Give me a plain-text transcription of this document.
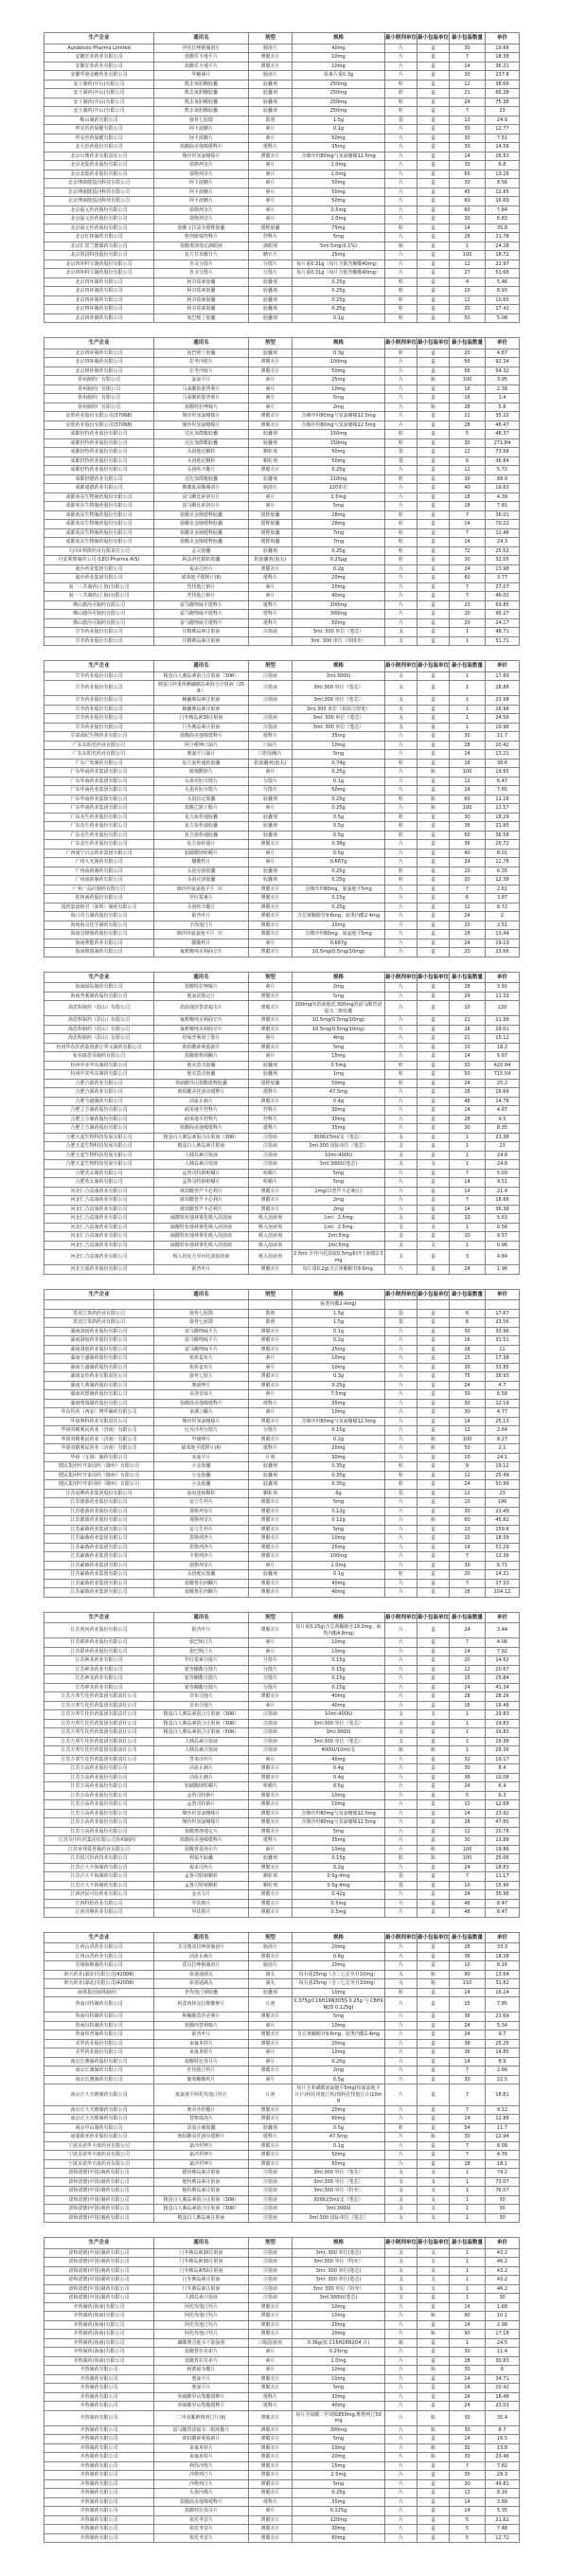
生产企业	通用名	剂型	规格	最小制剂单位	最小包装单位	最小包装数量	单价
Aurobindo Pharma Limited	泮托拉唑钠肠溶片	肠溶片	40mg	片	盒	30	19.66
安徽宏业药业有限公司	盐酸乐卡地平片	薄膜衣片	10mg	片	盒	7	18.38
安徽宏业药业有限公司	盐酸乐卡地平片	薄膜衣片	10mg	片	盒	14	36.21
安徽华润金蟾药业有限公司	华蟾素片	肠溶片	每素片重0.3g	片	盒	30	237.8
安士制药(中山)有限公司	熊去氧胆酸胶囊	胶囊剂	250mg	粒	盒	12	38.66
安士制药(中山)有限公司	熊去氧胆酸胶囊	胶囊剂	250mg	粒	盒	21	66.28
安士制药(中山)有限公司	熊去氧胆酸胶囊	胶囊剂	250mg	粒	盒	24	75.38
安士制药(中山)有限公司	熊去氧胆酸胶囊	胶囊剂	250mg	粒	盒	7	23
鞍山制药有限公司	接骨七厘散	散剂	1.5g	袋	盒	10	24.9
拜耳医药保健有限公司	阿卡波糖片	素片	0.1g	片	盒	30	12.77
拜耳医药保健有限公司	阿卡波糖片	素片	50mg	片	盒	30	7.51
北大医药股份有限公司	盐酸曲美他嗪缓释片	缓释片	35mg	片	盒	30	14.56
北京百奥药业有限责任公司	缬沙坦氢氯噻嗪片	薄膜衣片	含缬沙坦80mg与氢氯噻嗪12.5mg	片	盒	14	28.83
北京北陆药业股份有限公司	瑞格列奈片	素片	1.0mg	片	盒	30	6.8
北京北陆药业股份有限公司	瑞格列奈片	素片	1.0mg	片	盒	60	13.26
北京博康健基因科技有限公司	阿卡波糖片	素片	50mg	片	盒	30	8.56
北京博康健基因科技有限公司	阿卡波糖片	素片	50mg	片	盒	45	12.65
北京博康健基因科技有限公司	阿卡波糖片	素片	50mg	片	盒	60	16.69
北京福元医药股份有限公司	瑞格列奈片	素片	0.5mg	片	盒	60	7.84
北京福元医药股份有限公司	瑞格列奈片	素片	1.0mg	片	盒	30	6.83
北京福元医药股份有限公司	盐酸文拉法辛缓释胶囊	缓释胶囊	75mg	粒	盒	14	35.8
北京红林制药有限公司	格列吡嗪控释片	控释片	5mg	片	盒	28	21.78
北京汇恩兰德制药有限公司	盐酸奥洛他定滴眼液	滴眼剂	5ml:5mg(0.1%)	瓶	盒	1	24.28
北京凯因科技股份有限公司	复方甘草酸苷片	糖衣片	25mg	片	盒	100	18.72
北京四环科宝制药股份有限公司	杏灵分散片	分散片	每片重0.31g（每片含银杏酮酯40mg）	片	盒	12	22.97
北京四环科宝制药股份有限公司	杏灵分散片	分散片	每片重0.31g（每片含银杏酮酯40mg）	片	盒	27	51.68
北京四环制药有限公司	阿奇霉素胶囊	胶囊剂	0.25g	粒	盒	4	5.46
北京四环制药有限公司	阿奇霉素胶囊	胶囊剂	0.25g	粒	盒	10	8.93
北京四环制药有限公司	阿奇霉素胶囊	胶囊剂	0.25g	粒	盒	12	10.65
北京四环制药有限公司	阿奇霉素胶囊	胶囊剂	0.25g	粒	盒	20	17.42
北京四环制药有限公司	加巴喷丁胶囊	胶囊剂	0.1g	粒	盒	50	5.08
生产企业	通用名	剂型	规格	最小制剂单位	最小包装单位	最小包装数量	单价
北京四环制药有限公司	加巴喷丁胶囊	胶囊剂	0.3g	粒	盒	20	4.87
北京四环制药有限公司	拉考沙胺片	薄膜衣片	100mg	片	盒	56	92.34
北京四环制药有限公司	拉考沙胺片	薄膜衣片	50mg	片	盒	56	54.32
常州制药厂有限公司	氯氮平片	素片	25mg	片	瓶	100	3.95
常州制药厂有限公司	马来酸依那普利片	素片	10mg	片	盒	16	2.38
常州制药厂有限公司	马来酸依那普利片	素片	5mg	片	盒	16	1.4
常州制药厂有限公司	盐酸特拉唑嗪片	素片	2mg	片	瓶	28	5.8
辰欣药业股份有限公司(37068)	缬沙坦氢氯噻嗪片	薄膜衣片	含缬沙坦80mg与氢氯噻嗪12.5mg	片	盒	21	35.22
辰欣药业股份有限公司(37068)	缬沙坦氢氯噻嗪片	薄膜衣片	含缬沙坦80mg与氢氯噻嗪12.5mg	片	盒	28	46.47
成都倍特药业股份有限公司	达比加群酯胶囊	胶囊剂	150mg	粒	盒	5	48.37
成都倍特药业股份有限公司	达比加群酯胶囊	胶囊剂	150mg	粒	盒	30	271.84
成都倍特药业股份有限公司	头孢地尼颗粒	颗粒剂	50mg	袋	盒	12	73.68
成都倍特药业股份有限公司	头孢地尼颗粒	颗粒剂	50mg	袋	盒	6	36.84
成都倍特药业股份有限公司	头孢呋辛酯片	薄膜衣片	0.25g	片	盒	12	5.72
成都倍德药业有限公司	达比加群酯胶囊	胶囊剂	110mg	粒	盒	30	88.9
成都通德药业有限公司	胰激肽原酶肠溶片	肠溶片	120单位	片	盒	40	19.63
成都苑东生物制药股份有限公司	富马酸比索洛尔片	素片	2.5mg	片	盒	18	4.39
成都苑东生物制药股份有限公司	富马酸比索洛尔片	素片	5mg	片	盒	18	7.81
成都苑东生物制药股份有限公司	盐酸美金刚缓释胶囊	缓释胶囊	28mg	粒	盒	7	36.01
成都苑东生物制药股份有限公司	盐酸美金刚缓释胶囊	缓释胶囊	28mg	粒	盒	14	70.22
成都苑东生物制药股份有限公司	盐酸美金刚缓释胶囊	缓释胶囊	7mg	粒	盒	7	12.46
成都苑东生物制药股份有限公司	盐酸美金刚缓释胶囊	缓释胶囊	7mg	粒	盒	14	24.3
大同市利群药业有限责任公司	孟灵胶囊	胶囊剂	0.25g	粒	盒	72	25.52
丹麦利奥制药公司 (LEO Pharma A/S)	阿法骨化醇软胶囊	软胶囊剂(胶丸)	0.25μg	粒	盒	30	32.05
迪沙药业集团有限公司	福多司坦片	薄膜衣片	0.2g	片	盒	24	13.98
迪沙药业集团有限公司	硝苯地平缓释片(II)	缓释片	20mg	片	盒	60	3.77
第一三共制药(上海)有限公司	普伐他汀钠片	素片	20mg	片	盒	7	27.07
第一三共制药(上海)有限公司	普伐他汀钠片	素片	40mg	片	盒	7	46.02
佛山德芮可制药有限公司	富马酸喹硫平缓释片	缓释片	200mg	片	盒	20	69.85
佛山德芮可制药有限公司	富马酸喹硫平缓释片	缓释片	300mg	片	盒	20	95.27
佛山德芮可制药有限公司	富马酸喹硫平缓释片	缓释片	50mg	片	盒	20	24.17
甘李药业股份有限公司	甘精胰岛素注射液	注射液	3ml: 300 单位（笔芯）	支	盒	1	48.71
甘李药业股份有限公司	甘精胰岛素注射液		3ml: 300 单位（预填充）	支	盒	1	51.71
生产企业	通用名	剂型	规格	最小制剂单位	最小包装单位	最小包装数量	单价
甘李药业股份有限公司	精蛋白人胰岛素混合注射液（30R）	注射液	3ml:300IU	支	盒	1	17.89
甘李药业股份有限公司	精蛋白锌重组赖脯胰岛素混合注射液（25R）	注射液	3ml:300 单位（笔芯）	支	盒	1	28.88
甘李药业股份有限公司	赖脯胰岛素注射液	注射液	3ml:300 单位（笔芯）	支	盒	1	23.98
甘李药业股份有限公司	赖脯胰岛素注射液		3ml:300 单位（预装注射笔）	支	盒	1	26.98
甘李药业股份有限公司	门冬胰岛素30注射液	注射液	3ml: 300 单位（笔芯）	支	盒	1	24.56
甘李药业股份有限公司	门冬胰岛素注射液	注射液	3ml: 300 单位（笔芯）	支	盒	1	19.98
甘肃成纪生物药业有限公司	盐酸曲美他嗪缓释片	缓释片	35mg	片	盒	30	11.7
广东东阳光药业有限公司	阿立哌唑口崩片	口崩片	10mg	片	盒	28	20.42
广东东阳光药业有限公司	奥氮平口崩片	口腔崩解片	5mg	片	盒	14	13.21
广东广发制药有限公司	复方血栓通软胶囊	软胶囊剂(胶丸)	0.74g	粒	盒	18	36.6
广东华南药业集团有限公司	吡嗪酰胺片	素片	0.25g	片	瓶	100	19.65
广东华南药业集团有限公司	头孢克肟分散片	分散片	0.1g	片	盒	12	6.47
广东华南药业集团有限公司	头孢克肟分散片	分散片	50mg	片	盒	24	7.65
广东华南药业集团有限公司	头孢拉定胶囊	胶囊剂	0.25g	粒	瓶	60	11.16
广东华南药业集团有限公司	盐酸乙胺丁醇片	素片	0.25g	片	瓶	100	11.57
广东众生药业股份有限公司	复方血栓通胶囊	胶囊剂	0.5g	粒	盒	30	18.29
广东众生药业股份有限公司	复方血栓通胶囊	胶囊剂	0.5g	粒	盒	36	21.95
广东众生药业股份有限公司	复方血栓通胶囊	胶囊剂	0.5g	粒	盒	60	36.58
广东众生药业股份有限公司	复方血栓通片	薄膜衣片	0.38g	片	盒	36	26.72
广西南宁百会药业集团有限公司	铝碳酸镁咀嚼片	素片	0.5g	片	盒	40	8.01
广州大光制药有限公司	醋酸钙片	素片	0.667g	片	盒	24	12.78
广州南新制药有限公司	头孢克洛胶囊	胶囊剂	0.25g	粒	盒	10	6.35
广州南新制药有限公司	头孢克洛胶囊	胶囊剂	0.25g	粒	盒	20	12.38
广州一品红制药有限公司	缬沙坦氨氯地平片（I）	薄膜衣片	含缬沙坦80mg、氨氯地平5mg	片	盒	7	2.61
桂林南药股份有限公司	罗红霉素片	薄膜衣片	0.15g	片	盒	6	3.87
国药集团致君（深圳）制药有限公司	头孢呋辛酯片	薄膜衣片	0.25g	片	盒	12	6.72
海口奇力制药股份有限公司	银杏叶片	薄膜衣片	含总黄酮醇苷9.6mg、萜类内酯2.4mg	片	盒	24	2
海南海灵化学制药有限公司	辛伐他汀片	薄膜衣片	20mg	片	盒	20	2.51
海南皇隆制药股份有限公司	缬沙坦氨氯地平片（I）	薄膜衣片	含缬沙坦80mg、氨氯地平5mg	片	盒	28	13.44
海南赛能药业有限公司	醋酸钙片	素片	0.667g	片	盒	24	19.19
海南锦瑞制药有限公司	氟哌噻吨美利曲辛片	薄膜衣片	10.5mg(0.5mg/10mg)	片	盒	20	23.66
生产企业	通用名	剂型	规格	最小制剂单位	最小包装单位	最小包装数量	单价
海南绿岛制药有限公司	盐酸特拉唑嗪片	素片	2mg	片	盒	28	3.91
海南普利制药股份有限公司	地氯雷他定片	薄膜衣片	5mg	片	盒	24	11.33
海思科制药（眉山）有限公司	恩曲他滨替诺福韦片	薄膜衣片	200mg的恩曲他滨,300mg的富马酸替诺福韦二吡呋酯	片	盒	10	220
海思科制药（眉山）有限公司	氟哌噻吨美利曲辛片	薄膜衣片	10.5mg(0.5mg/10mg)	片	盒	21	21.99
海思科制药（眉山）有限公司	氟哌噻吨美利曲辛片	薄膜衣片	10.5mg(0.5mg/10mg)	片	盒	28	29.01
海思科制药（眉山）有限公司	培哚普利叔丁胺片	素片	4mg	片	盒	21	15.12
杭州华东医药集团浙江华义制药有限公司	琥珀酸索利那新片	薄膜衣片	5mg	片	盒	10	18.2
杭州康恩贝制药有限公司	盐酸吡格列酮片	素片	15mg	片	盒	14	5.67
杭州中美华东制药有限公司	他克莫司胶囊	胶囊剂	0.5mg	粒	盒	50	420.94
杭州中美华东制药有限公司	他克莫司胶囊	胶囊剂	1mg	粒	盒	50	715.59
合肥合源药业有限公司	单硝酸异山梨酯缓释胶囊	缓释胶囊	50mg	粒	盒	24	25.2
合肥合源药业有限公司	琥珀酸美托洛尔缓释片	缓释片	47.5mg	片	盒	28	16.66
合肥今越制药有限公司	活血止痛片	薄膜衣片	0.4g	片	盒	48	14.76
合肥立方制药股份有限公司	硝苯地平控释片	控释片	30mg	片	盒	14	4.87
合肥立方制药股份有限公司	硝苯地平控释片	控释片	30mg	片	盒	28	9.5
合肥立方制药股份有限公司	盐酸曲美他嗪缓释片	缓释片	35mg	片	盒	30	8.35
合肥天麦生物科技发展有限公司	精蛋白人胰岛素混合注射液（30R）	注射液	300IU/3ml/支（笔芯）	支	盒	1	23.38
合肥天麦生物科技发展有限公司	精蛋白人胰岛素注射液	注射液	3ml:300 国际单位（笔芯）	支	盒	1	23
合肥天麦生物科技发展有限公司	人胰岛素注射液	注射液	10ml:400IU	支	盒	1	24.8
合肥天麦生物科技发展有限公司	人胰岛素注射液	注射液	3ml:300IU(笔芯)	支	支	1	24.8
合肥英太制药有限公司	孟鲁司特钠咀嚼片	咀嚼片	5mg	片	盒	7	5.03
合肥英太制药有限公司	孟鲁司特钠咀嚼片	咀嚼片	5mg	片	盒	14	9.51
河北仁合益康药业有限公司	琥珀酸普芦卡必利片	薄膜衣片	1mg(以普芦卡必利计)	片	盒	14	21.4
河北仁合益康药业有限公司	琥珀酸普芦卡必利片	薄膜衣片	2mg	片	盒	7	18.66
河北仁合益康药业有限公司	琥珀酸普芦卡必利片	薄膜衣片	2mg	片	盒	14	36.38
河北仁合益康药业有限公司	硫酸特布他林雾化吸入用溶液	吸入溶液剂	1ml：2.5mg	支	盒	10	5.63
河北仁合益康药业有限公司	硫酸特布他林雾化吸入用溶液	吸入溶液剂	1ml：2.5mg	支	支	1	0.56
河北仁合益康药业有限公司	硫酸特布他林雾化吸入用溶液	吸入溶液剂	2ml:5mg	支	盒	10	9.57
河北仁合益康药业有限公司	硫酸特布他林雾化吸入用溶液	吸入溶液剂	2ml:5mg	支	支	1	0.96
河北仁合益康药业有限公司	吸入用复方异丙托溴铵溶液	吸入溶液剂	2.5ml:含异丙托溴铵0.5mg和沙丁胺醇2.5mg	支	盒	3	4.84
河北天成药业股份有限公司	银杏叶片	薄膜衣片	每片重0.2g(含总黄酮醇苷9.6mg.	片	盒	24	1.96
生产企业	通用名	剂型	规格	最小制剂单位	最小包装单位	最小包装数量	单价
			萜类内酯2.4mg)				
黑龙江参鸽药业有限公司	接骨七厘散	散剂	1.5g	袋	盒	6	17.67
黑龙江参鸽药业有限公司	接骨七厘散	散剂	1.5g	袋	盒	8	23.56
湖南洞庭药业股份有限公司	富马酸喹硫平片	薄膜衣片	0.1g	片	盒	30	33.96
湖南洞庭药业股份有限公司	富马酸喹硫平片	薄膜衣片	0.2g	片	盒	16	31.51
湖南洞庭药业股份有限公司	富马酸喹硫平片	薄膜衣片	25mg	片	盒	28	11
湖南方盛制药股份有限公司	依折麦布片	素片	10mg	片	盒	15	17.38
湖南方盛制药股份有限公司	依折麦布片	素片	10mg	片	盒	30	33.85
湖南金沙药业有限责任公司	接骨七厘片	薄膜衣片	0.3g	片	盒	75	38.93
湖南九典制药股份有限公司	奥硝唑片	薄膜衣片	0.25g	片	盒	24	4.7
湖南同德制药股份有限公司	美洛昔康片	素片	7.5mg	片	盒	30	6.58
湖南明瑞制药股份有限公司	盐酸曲美他嗪缓释片	缓释片	35mg	片	盒	30	12.19
华东医药（西安）博华制药有限公司	多潘立酮片	素片	10mg	片	盒	30	4.77
华润赛科药业有限责任公司	缬沙坦氢氯噻嗪片	薄膜衣片	含缬沙坦80mg与氢氯噻嗪12.5mg	片	盒	14	25.13
华润双鹤利民药业（济南）有限公司	厄贝沙坦分散片	分散片	0.15g	片	盒	12	2.64
华润双鹤利民药业（济南）有限公司	甲硝唑片	薄膜衣片	0.2g	片	瓶	100	8.27
华润双鹤利民药业（济南）有限公司	硝苯地平缓释片(II)	缓释片	20mg	片	瓶	50	2.1
华裕（无锡）制药有限公司	米氮平片	片剂	30mg	片	盒	10	24.1
健民集团叶开泰国药（随州）有限公司	小金胶囊	胶囊剂	0.35g	粒	盒	9	19.12
健民集团叶开泰国药（随州）有限公司	小金胶囊	胶囊剂	0.35g	粒	盒	12	25.49
健民集团叶开泰国药（随州）有限公司	小金胶囊	胶囊剂	0.35g	粒	盒	24	50.99
江苏晨牌药业集团股份有限公司	血府逐瘀颗粒	颗粒剂	6g	袋	盒	12	23
江苏德源药业股份有限公司	安立生坦片	薄膜衣片	5mg	片	盒	10	196
江苏德源药业股份有限公司	那格列奈片	薄膜衣片	0.12g	片	盒	30	23.49
江苏德源药业股份有限公司	那格列奈片	薄膜衣片	0.12g	片	瓶	60	45.82
江苏豪森药业集团有限公司	安立生坦片	薄膜衣片	5mg	片	盒	10	159.6
江苏豪森药业集团有限公司	恩格列净片	薄膜衣片	10mg	片	盒	10	18.39
江苏豪森药业集团有限公司	恩格列净片	薄膜衣片	25mg	片	盒	14	51.29
江苏豪森药业集团有限公司	卡格列净片	薄膜衣片	100mg	片	盒	7	12.36
江苏豪森药业集团有限公司	瑞格列奈片	素片	1.0mg	片	盒	30	6.71
江苏豪森药业集团有限公司	头孢地尼胶囊	胶囊剂	0.1g	粒	盒	20	14.31
江苏豪森药业集团有限公司	盐酸鲁拉西酮片	薄膜衣片	40mg	片	盒	7	27.33
江苏豪森药业集团有限公司	盐酸鲁拉西酮片	薄膜衣片	40mg	片	盒	28	104.12
生产企业	通用名	剂型	规格	最小制剂单位	最小包装单位	最小包装数量	单价
江苏黄河药业股份有限公司	银杏叶片	薄膜衣片	每片重0.25g(含总黄酮醇苷19.2mg、萜类内酯4.8mg)	片	盒	24	3.44
江苏联环药业股份有限公司	依巴斯汀片	素片	10mg	片	盒	7	4.06
江苏联环药业股份有限公司	依巴斯汀片	素片	10mg	片	盒	14	7.92
江苏神龙药业有限公司	罗红霉素分散片	分散片	0.15g	片	盒	20	14.62
江苏神龙药业有限公司	银杏酮酯分散片	分散片	0.15g	片	盒	12	20.67
江苏神龙药业有限公司	银杏酮酯分散片	分散片	0.15g	片	盒	15	25.84
江苏神龙药业有限公司	银杏酮酯分散片	分散片	0.15g	片	盒	24	41.34
江苏万邦生化医药集团有限责任公司	非布司他片	薄膜衣片	40mg	片	盒	28	28.26
江苏万邦生化医药集团有限责任公司	非布司他片	素片	40mg	片	盒	16	16.48
江苏万邦生化医药集团有限责任公司	精蛋白人胰岛素混合注射液（30R）	注射液	10ml:400IU	支	支	1	29.83
江苏万邦生化医药集团有限责任公司	精蛋白人胰岛素混合注射液（30R）	注射液	3ml:300 单位（笔芯）	支	盒	1	29.83
江苏万邦生化医药集团有限责任公司	精蛋白人胰岛素混合注射液（50R）	注射液	3ml:300IU	支	盒	1	29.83
江苏万邦生化医药集团有限责任公司	人胰岛素注射液	注射液	3ml:300 单位（笔芯）	支	盒	1	29.38
江苏万邦生化医药集团有限责任公司	人胰岛素注射液	注射液	400IU/10ml/支	瓶	瓶	1	29.36
江苏万邦生化医药集团有限责任公司	替米沙坦片	素片	40mg	片	盒	32	19.17
江苏万高药业股份有限公司	活血止痛片	薄膜衣片	0.4g	片	盒	30	8.4
江苏万高药业股份有限公司	活血止痛片	薄膜衣片	0.4g	片	盒	36	10.08
江苏万高药业股份有限公司	铝碳酸镁咀嚼片	咀嚼片	0.5g	片	盒	24	6.4
江苏万高药业股份有限公司	孟鲁司特钠片	薄膜衣片	10mg	片	盒	5	6.3
江苏万高药业股份有限公司	孟鲁司特钠片	薄膜衣片	10mg	片	盒	10	12.68
江苏万高药业股份有限公司	缬沙坦氢氯噻嗪片	薄膜衣片	含缬沙坦80mg与氢氯噻嗪12.5mg	片	盒	14	23.92
江苏万高药业股份有限公司	缬沙坦氢氯噻嗪片	薄膜衣片	含缬沙坦80mg与氢氯噻嗪12.5mg	片	盒	28	47.85
江苏万高药业股份有限公司	盐酸奥洛他定片	薄膜衣片	5mg	片	盒	12	20.78
江苏吴中医药集团有限公司苏州制药厂	盐酸曲美他嗪缓释片	缓释片	35mg	片	盒	30	13.88
江苏亚邦爱普森药业有限公司	盐酸普萘洛尔片	素片	10mg	片	瓶	100	19.86
江苏悦兴医药技术有限公司	利福平胶囊	胶囊剂	0.15g	粒	瓶	100	25.66
江苏正大丰海制药有限公司	福多司坦片	薄膜衣片	0.2g	片	盒	24	18.83
江苏正大丰海制药有限公司	孟鲁司特钠颗粒	颗粒剂	0.5g:4mg	袋	盒	7	11.17
江苏正大丰海制药有限公司	孟鲁司特钠颗粒	颗粒剂	0.5g:4mg	袋	盒	10	15.96
江西济民可信药业有限公司	金水宝片	薄膜衣片	0.42g	片	盒	24	35.98
江西科伦药业有限公司	甲钴胺片	薄膜衣片	0.5mg	片	盒	48	8.47
江西青峰药业有限公司	甲钴胺片	薄膜衣片	0.5mg	片	盒	48	8.47
生产企业	通用名	剂型	规格	最小制剂单位	最小包装单位	最小包装数量	单价
江西山香药业有限公司	艾司奥美拉唑镁肠溶片	肠溶片	20mg	片	盒	28	33.3
江西山香药业有限公司	活血止痛片	薄膜衣片	0.6g	片	盒	36	18.38
晋城海斯制药有限公司	雷贝拉唑钠肠溶片	肠溶片	20mg	片	盒	10	8.16
朗天药业(湖北)有限公司(42008)	血塞通滴丸	滴丸	每丸重25mg（含三七总皂苷10mg）	丸	瓶	90	13.64
朗天药业(湖北)有限公司(42008)	血塞通滴丸	滴丸	每丸重25mg（含三七总皂苷10mg）	丸	瓶	210	31.82
丽珠集团丽珠制药厂	普伐他汀钠胶囊	胶囊剂	10mg	粒	盒	14	16.24
鲁南贝特制药有限公司	阿莫西林克拉维酸钾片	片剂	0.375g(C16H19N3O5S 0.25g 与 C8H9NO5 0.125g)	片	盒	15	7.85
鲁南贝特制药有限公司	枸橼酸莫沙必利片	薄膜衣片	5mg	片	盒	36	21.69
鲁南贝特制药有限公司	盐酸西替利嗪片	素片	10mg	片	盒	24	5.34
鲁南厚普制药有限公司	银杏叶片	薄膜衣片	含总黄酮醇苷9.6mg、萜类内酯2.4mg	片	盒	24	9.7
美罗药业股份有限公司	来氟米特片	薄膜衣片	20mg	片	盒	36	25.25
美罗药业股份有限公司	来氟米特片	素片	10mg	片	盒	36	14.85
南京长澳制药股份有限公司	盐酸特比萘芬片	素片	0.25g	片	盒	14	8.9
南京长澳制药有限公司	匹伐他汀钙片	薄膜衣片	2mg	片	盒	7	2.66
南京长澳制药有限公司	葡萄糖酸钙片	素片	0.5g	片	盒	30	22.5
南京正大天晴制药有限公司	氨氯地平阿托伐他汀钙片	片剂	每片含苯磺酸氨氯地平5mg(按氨氯地平计)与阿托伐他汀钙(按阿托伐他汀计)10mg	片	盒	7	18.81
南京正大天晴制药有限公司	奥美沙坦酯片	薄膜衣片	20mg	片	盒	7	9.12
南京正大天晴制药有限公司	替格瑞洛片	薄膜衣片	60mg	片	盒	14	12.88
南京中山制药有限公司	活血止痛胶囊	胶囊剂	0.5g	粒	盒	54	11.7
南通联亚药业股份有限公司	琥珀酸美托洛尔缓释片	缓释片	47.5mg	片	瓶	30	12.94
宁波美诺华天康药业有限公司	氯沙坦钾片	薄膜衣片	0.1g	片	盒	7	8.09
宁波美诺华天康药业有限公司	氯沙坦钾片	薄膜衣片	50mg	片	盒	7	4.76
宁波美诺华天康药业有限公司	氯沙坦钾片	薄膜衣片	50mg	片	盒	28	18.1
诺和诺德(中国)制药有限公司	德谷胰岛素注射液	注射液	3ml:300 单位（笔芯）	支	支	1	79.2
诺和诺德(中国)制药有限公司	地特胰岛素注射液	注射液	3ml:300 单位（笔芯）	支	支	1	73.07
诺和诺德(中国)制药有限公司	地特胰岛素注射液	注射液	3ml:300 单位（特充）	支	支	1	76.07
诺和诺德(中国)制药有限公司	精蛋白人胰岛素混合注射液（30R）	注射液	300IU/3ml/支（笔芯）	支	支	1	30
诺和诺德(中国)制药有限公司	精蛋白人胰岛素混合注射液（30R）	注射液	3ml:300IU	支	支	1	30
诺和诺德(中国)制药有限公司	精蛋白人胰岛素注射液	注射液	3ml:300 国际单位（笔芯）	支	支	1	30
生产企业	通用名	剂型	规格	最小制剂单位	最小包装单位	最小包装数量	单价
诺和诺德(中国)制药有限公司	门冬胰岛素30注射液	注射液	3ml: 300 单位(笔芯)	支	支	1	43.2
诺和诺德(中国)制药有限公司	门冬胰岛素30注射液	注射液	3ml:300 单位（特充）	支	支	1	46.2
诺和诺德(中国)制药有限公司	门冬胰岛素50注射液	注射液	3ml: 300 单位(笔芯)	支	支	1	43.2
诺和诺德(中国)制药有限公司	门冬胰岛素注射液	注射液	3ml: 300 单位(笔芯)	支	支	1	43.2
诺和诺德(中国)制药有限公司	门冬胰岛素注射液	注射液	3ml: 300 单位（特充）	支	支	1	46.2
诺和诺德(中国)制药有限公司	人胰岛素注射液	注射液	3ml:300IU(笔芯)	支	盒	1	30
齐鲁制药(海南)有限公司	阿托伐他汀钙片	薄膜衣片	10mg	片	盒	14	1.68
齐鲁制药(海南)有限公司	阿托伐他汀钙片	薄膜衣片	10mg	片	瓶	90	10.1
齐鲁制药(海南)有限公司	阿托伐他汀钙片	薄膜衣片	20mg	片	盒	14	2.98
齐鲁制药(海南)有限公司	阿托伐他汀钙片	薄膜衣片	20mg	片	瓶	90	17.18
齐鲁制药(海南)有限公司	磷酸奥司他韦干混悬剂	口服混悬剂	0.36g(按 C16H28N2O4 计)	瓶	盒	1	24.5
齐鲁制药(海南)有限公司	盐酸普拉克索片	素片	0.25mg	片	盒	30	11.4
齐鲁制药(海南)有限公司	盐酸普拉克索片	素片	1.0mg	片	盒	28	30.83
齐鲁制药有限公司	阿德福韦酯片	素片	10mg	片	瓶	30	6
齐鲁制药有限公司	奥氮平片	薄膜衣片	10mg	片	盒	14	34.71
齐鲁制药有限公司	奥氮平片	薄膜衣片	5mg	片	盒	14	20.42
齐鲁制药有限公司	单硝酸异山梨酯缓释片	缓释片	30mg	片	盒	24	18.48
齐鲁制药有限公司	单硝酸异山梨酯缓释片	缓释片	40mg	片	盒	24	23.03
齐鲁制药有限公司	二甲双胍维格列汀片(II)	薄膜衣片	每片含盐酸二甲双胍850mg,维格列汀50mg	片	瓶	30	35.4
齐鲁制药有限公司	富马酸替诺福韦二吡呋酯片	薄膜衣片	300mg	片	瓶	30	8.7
齐鲁制药有限公司	琥珀酸索利那新片	薄膜衣片	5mg	片	盒	14	16.5
齐鲁制药有限公司	来氟米特片	薄膜衣片	10mg	片	瓶	30	13.8
齐鲁制药有限公司	来氟米特片	薄膜衣片	20mg	片	瓶	30	23.46
齐鲁制药有限公司	利伐沙班片	薄膜衣片	15mg	片	盒	7	7.82
齐鲁制药有限公司	沙格列汀片	薄膜衣片	2.5mg	片	盒	30	29.3
齐鲁制药有限公司	沙格列汀片	薄膜衣片	5mg	片	盒	30	49.81
齐鲁制药有限公司	头孢丙烯片	薄膜衣片	0.25g	片	盒	12	8.16
齐鲁制药有限公司	盐酸曲美他嗪缓释片	缓释片	35mg	片	盒	14	3.89
齐鲁制药有限公司	盐酸特比萘芬片	素片	0.125g	片	盒	14	5.35
齐鲁制药有限公司	依托考昔片	薄膜衣片	120mg	片	盒	5	21.62
齐鲁制药有限公司	依托考昔片	薄膜衣片	30mg	片	盒	5	7.48
齐鲁制药有限公司	依托考昔片	薄膜衣片	60mg	片	盒	5	12.72
